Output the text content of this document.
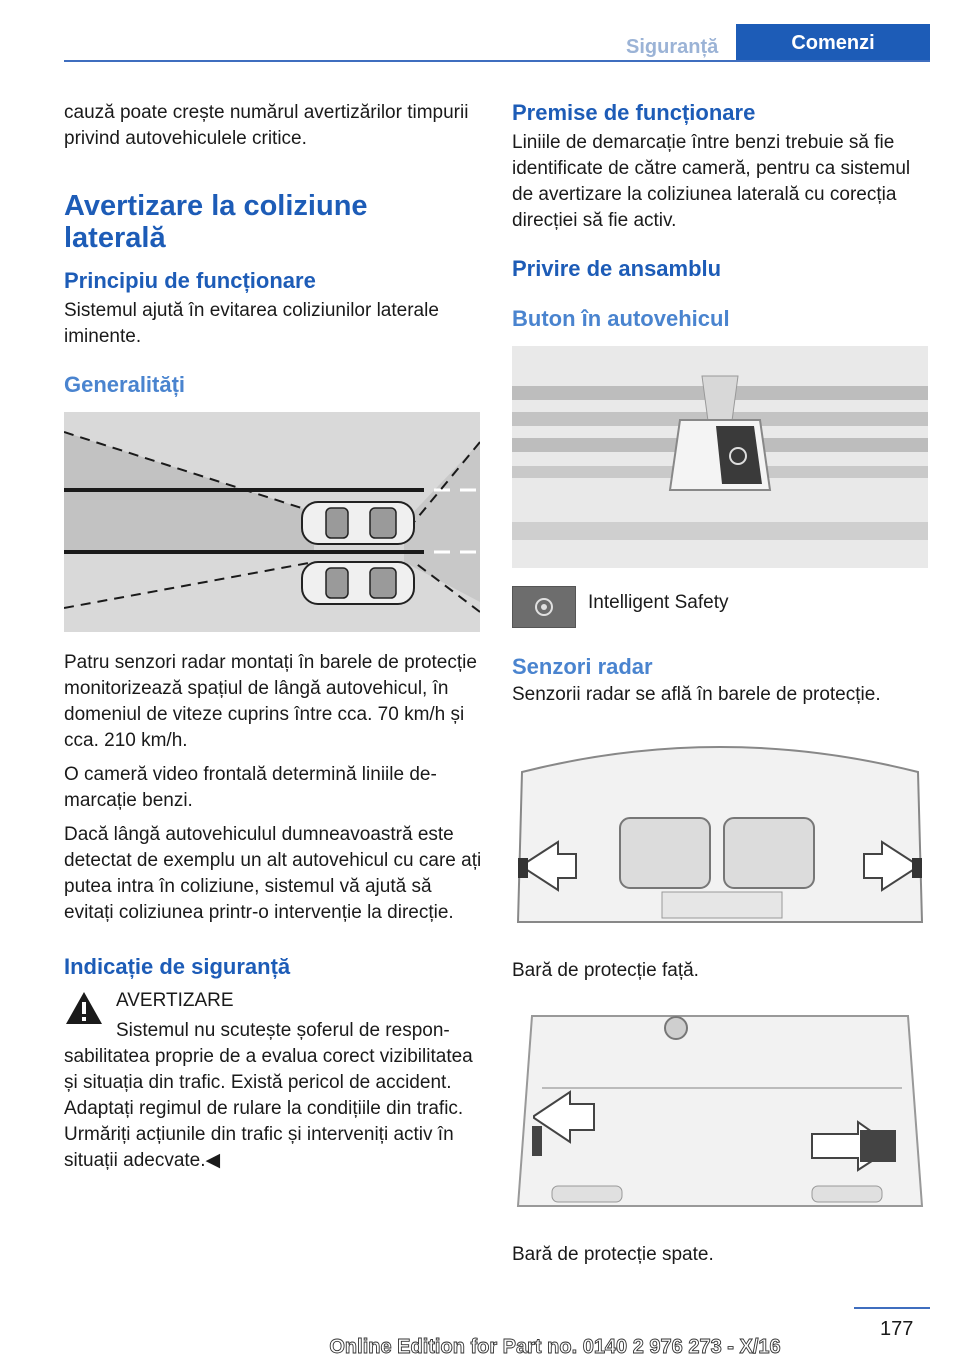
Siguranță	Comenzi

cauză poate crește numărul avertizărilor timpurii privind autovehiculele critice.

Avertizare la coliziune laterală
Principiu de funcționare

Sistemul ajută în evitarea coliziunilor laterale iminente.

Generalități

Patru senzori radar montați în barele de protecție monitorizează spațiul de lângă autovehicul, în domeniul de viteze cuprins între cca. 70 km/h și cca. 210 km/h.

O cameră video frontală determină liniile demarcație benzi.

Dacă lângă autovehiculul dumneavoastră este detectat de exemplu un alt autovehicul cu care ați putea intra în coliziune, sistemul vă ajută să evitați coliziunea printr-o intervenție la direcție.

Indicație de siguranță

AVERTIZARE

Sistemul nu scutește șoferul de responsabilitatea proprie de a evalua corect vizibilitatea și situația din trafic. Există pericol de accident. Adaptați regimul de rulare la condițiile din trafic. Urmăriți acțiunile din trafic și interveniți activ în situații adecvate.◀

Premise de funcționare

Liniile de demarcație între benzi trebuie să fie identificate de către cameră, pentru ca sistemul de avertizare la coliziunea laterală cu corecția direcției să fie activ.

Privire de ansamblu
Buton în autovehicul
Intelligent Safety
Senzori radar

Senzorii radar se află în barele de protecție.

Bară de protecție față.

Bară de protecție spate.

177
Online Edition for Part no. 0140 2 976 273 - X/16
